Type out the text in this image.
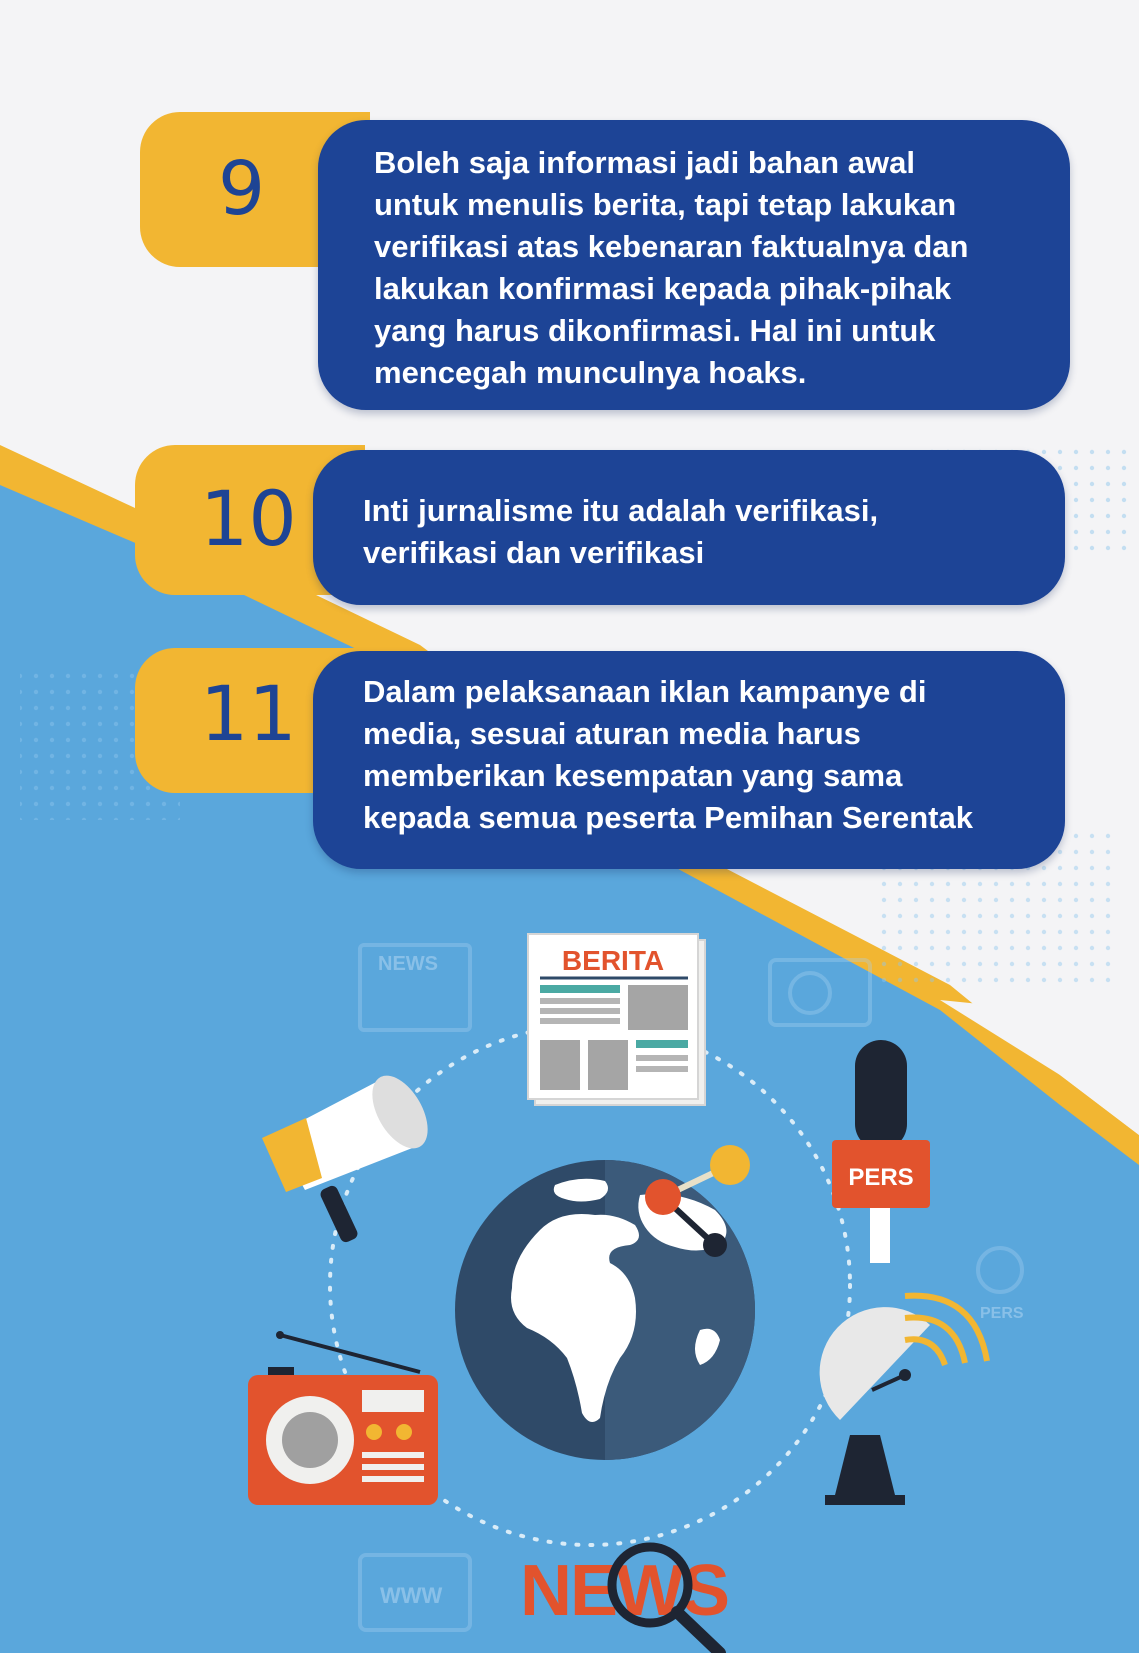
NEWS
PERS
WWW
9	Boleh saja informasi jadi bahan awal
untuk menulis berita, tapi tetap lakukan
verifikasi atas kebenaran faktualnya dan
lakukan konfirmasi kepada pihak-pihak
yang harus dikonfirmasi. Hal ini untuk
mencegah munculnya hoaks.

10 Inti jurnalisme itu adalah verifikasi,
verifikasi dan verifikasi

11 Dalam pelaksanaan iklan kampanye di
media, sesuai aturan media harus
memberikan kesempatan yang sama
kepada semua peserta Pemihan Serentak

BERITA
PERS
NEWS
